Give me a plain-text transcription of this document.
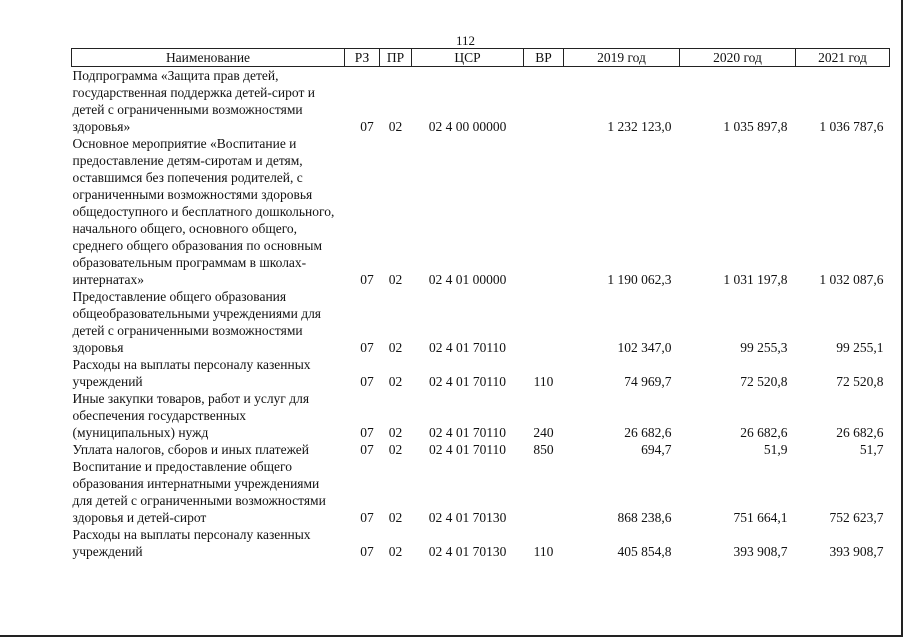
112
Наименование	РЗ	ПР	ЦСР	ВР	2019 год	2020 год	2021 год
Подпрограмма «Защита прав детей, государственная поддержка детей-сирот и детей с ограниченными возможностями здоровья»	07	02	02 4 00 00000		1 232 123,0	1 035 897,8	1 036 787,6
Основное мероприятие «Воспитание и предоставление детям-сиротам и детям, оставшимся без попечения родителей, с ограниченными возможностями здоровья общедоступного и бесплатного дошкольного, начального общего, основного общего, среднего общего образования по основным образовательным программам в школах-интернатах»	07	02	02 4 01 00000		1 190 062,3	1 031 197,8	1 032 087,6
Предоставление общего образования общеобразовательными учреждениями для детей с ограниченными возможностями здоровья	07	02	02 4 01 70110		102 347,0	99 255,3	99 255,1
Расходы на выплаты персоналу казенных учреждений	07	02	02 4 01 70110	110	74 969,7	72 520,8	72 520,8
Иные закупки товаров, работ и услуг для обеспечения государственных (муниципальных) нужд	07	02	02 4 01 70110	240	26 682,6	26 682,6	26 682,6
Уплата налогов, сборов и иных платежей	07	02	02 4 01 70110	850	694,7	51,9	51,7
Воспитание и предоставление общего образования интернатными учреждениями для детей с ограниченными возможностями здоровья и детей-сирот	07	02	02 4 01 70130		868 238,6	751 664,1	752 623,7
Расходы на выплаты персоналу казенных учреждений	07	02	02 4 01 70130	110	405 854,8	393 908,7	393 908,7
